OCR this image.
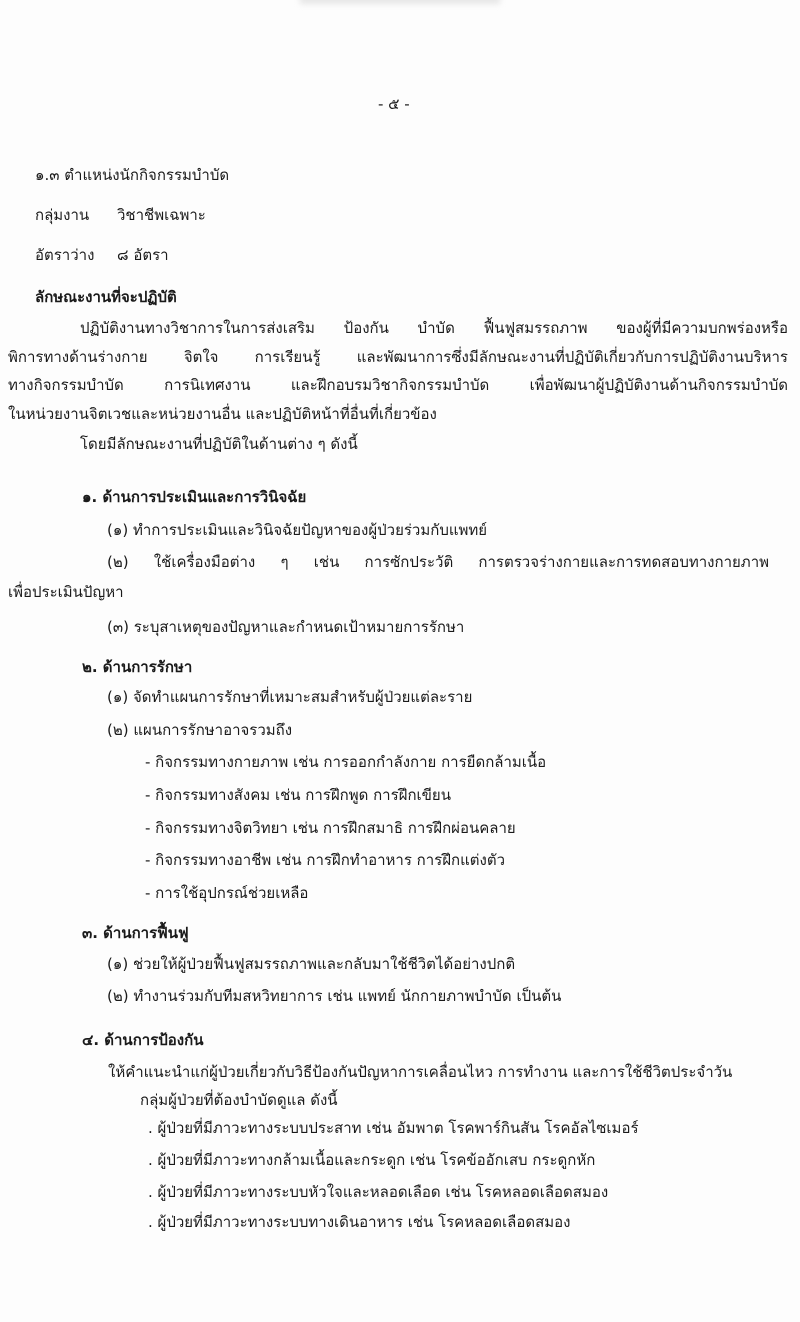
- ๕ -
๑.๓ ตำแหน่งนักกิจกรรมบำบัด
กลุ่มงาน วิชาชีพเฉพาะ
อัตราว่าง ๘ อัตรา
ลักษณะงานที่จะปฏิบัติ
ปฏิบัติงานทางวิชาการในการส่งเสริม ป้องกัน บำบัด ฟื้นฟูสมรรถภาพ ของผู้ที่มีความบกพร่องหรือ
พิการทางด้านร่างกาย จิตใจ การเรียนรู้ และพัฒนาการซึ่งมีลักษณะงานที่ปฏิบัติเกี่ยวกับการปฏิบัติงานบริหาร
ทางกิจกรรมบำบัด การนิเทศงาน และฝึกอบรมวิชากิจกรรมบำบัด เพื่อพัฒนาผู้ปฏิบัติงานด้านกิจกรรมบำบัด
ในหน่วยงานจิตเวชและหน่วยงานอื่น และปฏิบัติหน้าที่อื่นที่เกี่ยวข้อง
โดยมีลักษณะงานที่ปฏิบัติในด้านต่าง ๆ ดังนี้
๑. ด้านการประเมินและการวินิจฉัย
(๑) ทำการประเมินและวินิจฉัยปัญหาของผู้ป่วยร่วมกับแพทย์
(๒) ใช้เครื่องมือต่าง ๆ เช่น การซักประวัติ การตรวจร่างกายและการทดสอบทางกายภาพ
เพื่อประเมินปัญหา
(๓) ระบุสาเหตุของปัญหาและกำหนดเป้าหมายการรักษา
๒. ด้านการรักษา
(๑) จัดทำแผนการรักษาที่เหมาะสมสำหรับผู้ป่วยแต่ละราย
(๒) แผนการรักษาอาจรวมถึง
- กิจกรรมทางกายภาพ เช่น การออกกำลังกาย การยืดกล้ามเนื้อ
- กิจกรรมทางสังคม เช่น การฝึกพูด การฝึกเขียน
- กิจกรรมทางจิตวิทยา เช่น การฝึกสมาธิ การฝึกผ่อนคลาย
- กิจกรรมทางอาชีพ เช่น การฝึกทำอาหาร การฝึกแต่งตัว
- การใช้อุปกรณ์ช่วยเหลือ
๓. ด้านการฟื้นฟู
(๑) ช่วยให้ผู้ป่วยฟื้นฟูสมรรถภาพและกลับมาใช้ชีวิตได้อย่างปกติ
(๒) ทำงานร่วมกับทีมสหวิทยาการ เช่น แพทย์ นักกายภาพบำบัด เป็นต้น
๔. ด้านการป้องกัน
ให้คำแนะนำแก่ผู้ป่วยเกี่ยวกับวิธีป้องกันปัญหาการเคลื่อนไหว การทำงาน และการใช้ชีวิตประจำวัน
กลุ่มผู้ป่วยที่ต้องบำบัดดูแล ดังนี้
. ผู้ป่วยที่มีภาวะทางระบบประสาท เช่น อัมพาต โรคพาร์กินสัน โรคอัลไซเมอร์
. ผู้ป่วยที่มีภาวะทางกล้ามเนื้อและกระดูก เช่น โรคข้ออักเสบ กระดูกหัก
. ผู้ป่วยที่มีภาวะทางระบบหัวใจและหลอดเลือด เช่น โรคหลอดเลือดสมอง
. ผู้ป่วยที่มีภาวะทางระบบทางเดินอาหาร เช่น โรคหลอดเลือดสมอง
